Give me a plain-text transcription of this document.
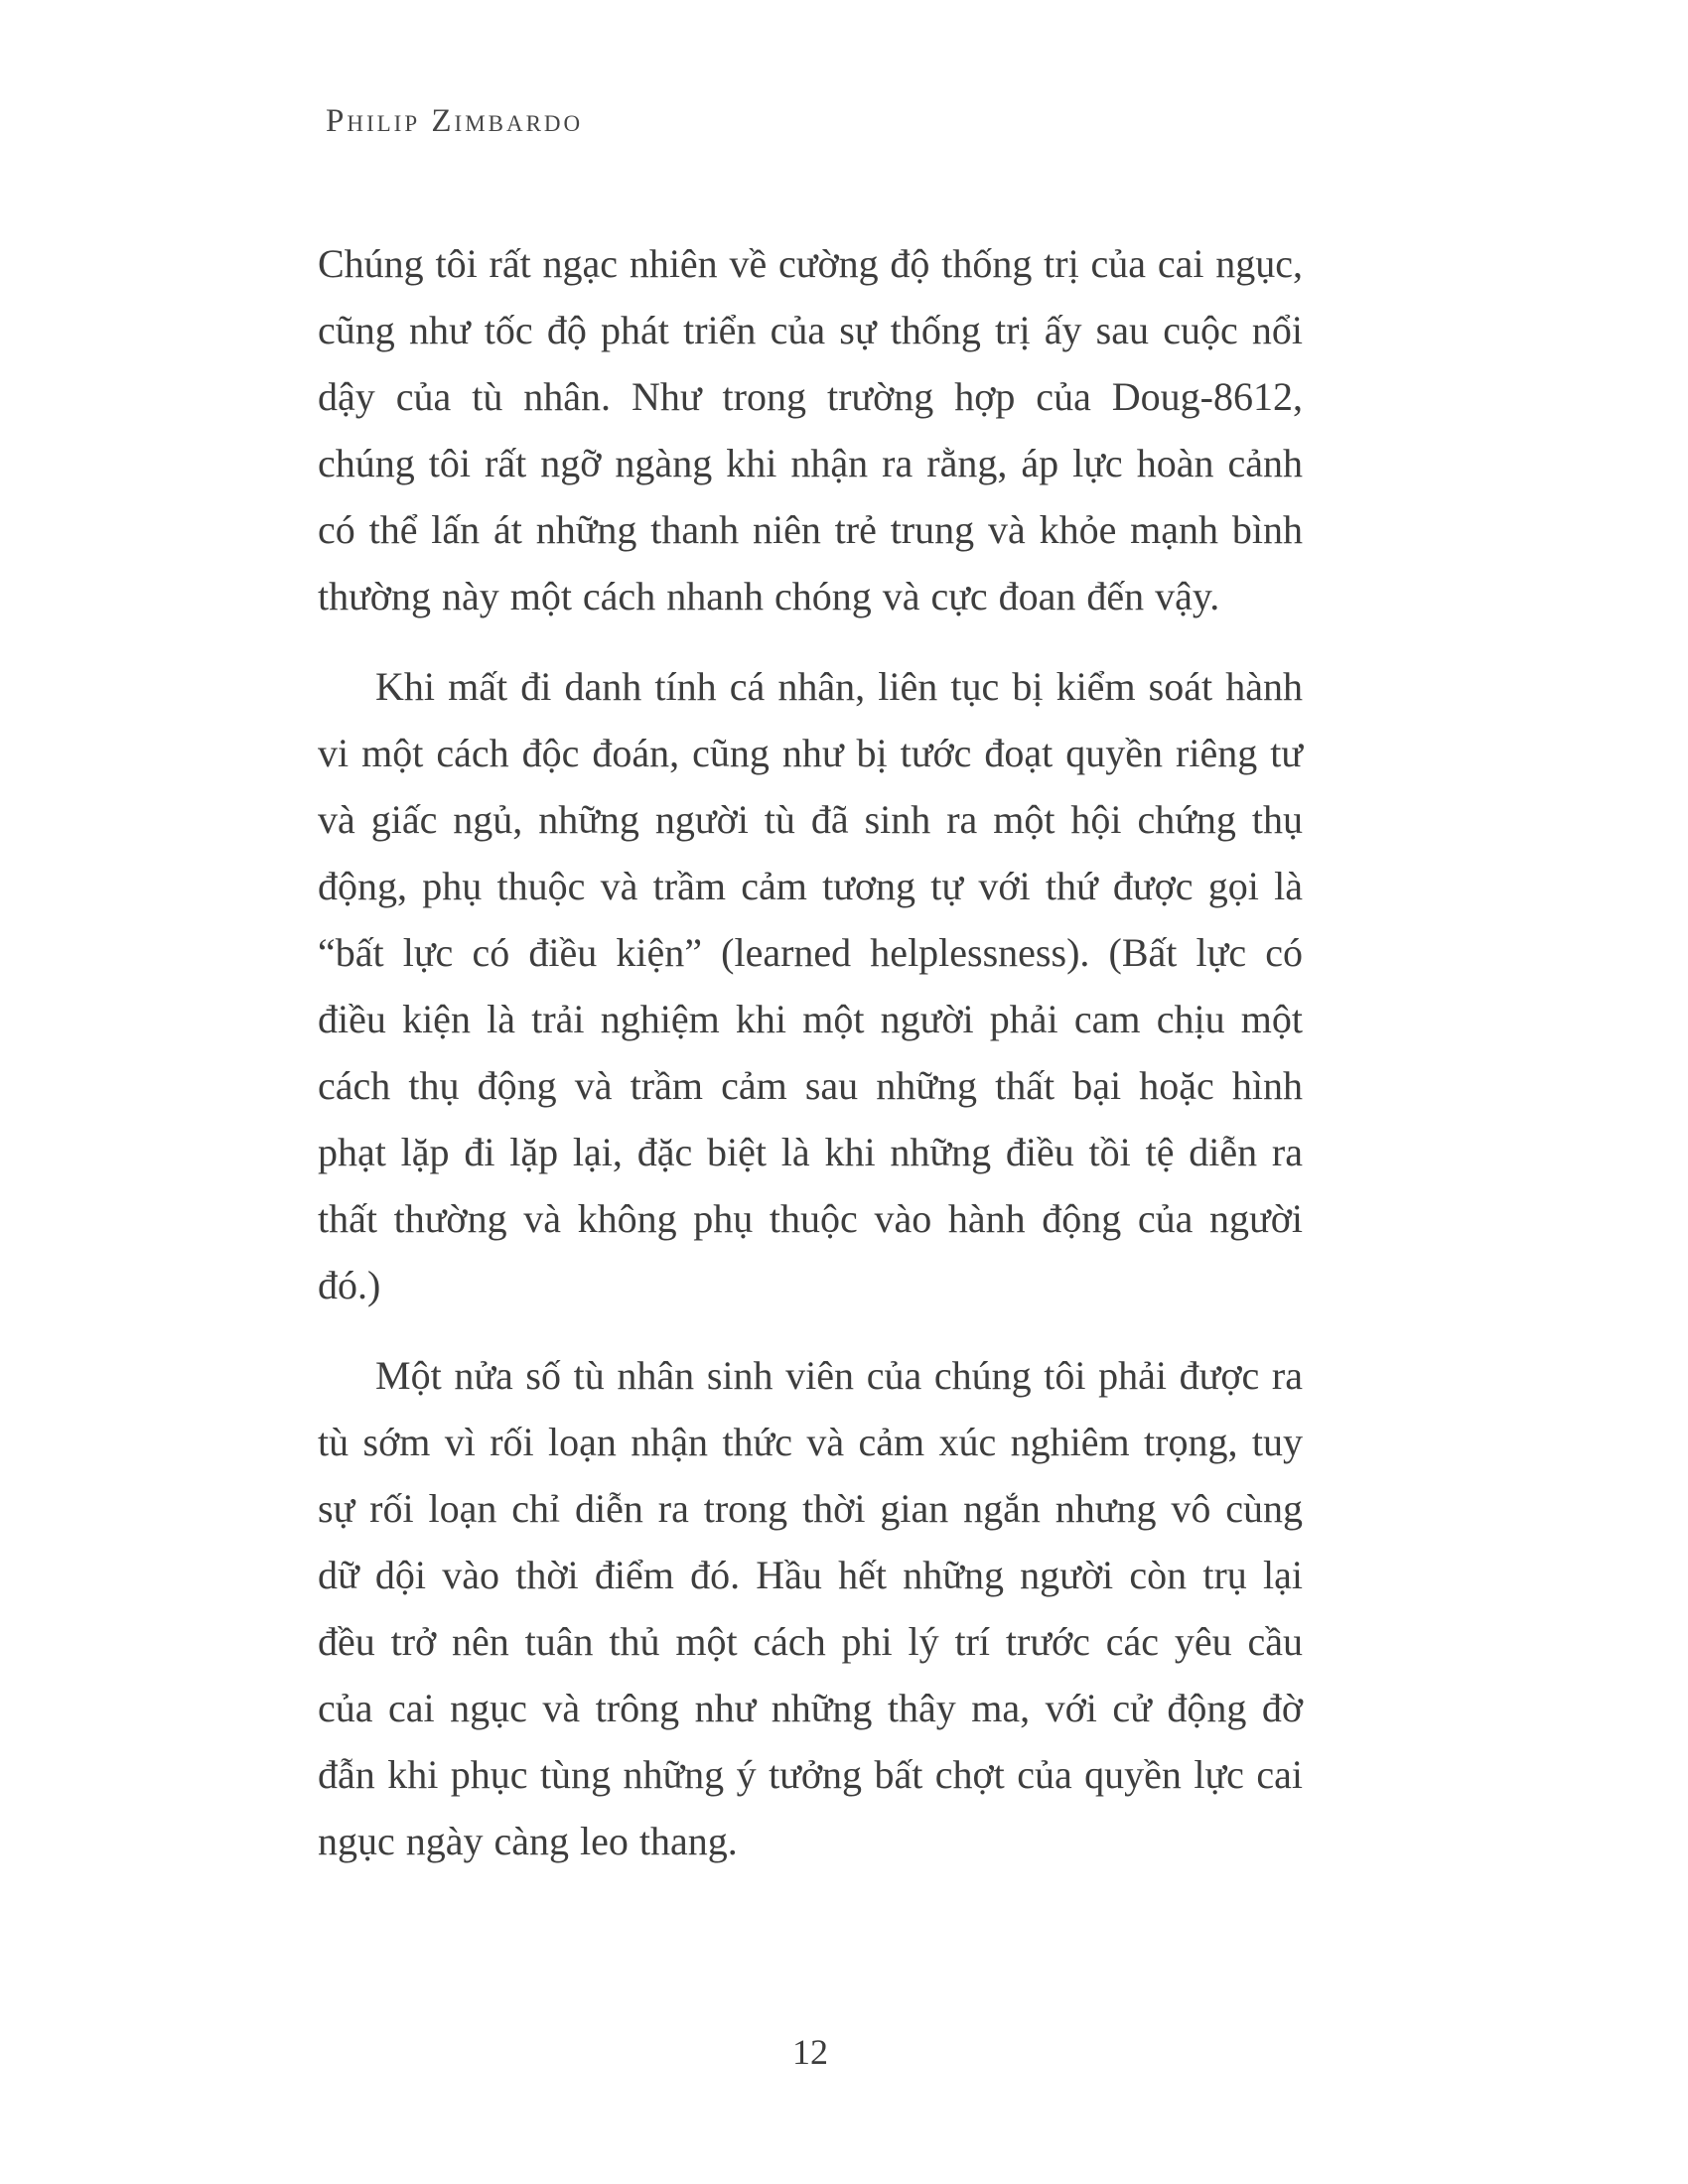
Philip Zimbardo

Chúng tôi rất ngạc nhiên về cường độ thống trị của cai ngục, cũng như tốc độ phát triển của sự thống trị ấy sau cuộc nổi dậy của tù nhân. Như trong trường hợp của Doug-8612, chúng tôi rất ngỡ ngàng khi nhận ra rằng, áp lực hoàn cảnh có thể lấn át những thanh niên trẻ trung và khỏe mạnh bình thường này một cách nhanh chóng và cực đoan đến vậy.

Khi mất đi danh tính cá nhân, liên tục bị kiểm soát hành vi một cách độc đoán, cũng như bị tước đoạt quyền riêng tư và giấc ngủ, những người tù đã sinh ra một hội chứng thụ động, phụ thuộc và trầm cảm tương tự với thứ được gọi là “bất lực có điều kiện” (learned helplessness). (Bất lực có điều kiện là trải nghiệm khi một người phải cam chịu một cách thụ động và trầm cảm sau những thất bại hoặc hình phạt lặp đi lặp lại, đặc biệt là khi những điều tồi tệ diễn ra thất thường và không phụ thuộc vào hành động của người đó.)

Một nửa số tù nhân sinh viên của chúng tôi phải được ra tù sớm vì rối loạn nhận thức và cảm xúc nghiêm trọng, tuy sự rối loạn chỉ diễn ra trong thời gian ngắn nhưng vô cùng dữ dội vào thời điểm đó. Hầu hết những người còn trụ lại đều trở nên tuân thủ một cách phi lý trí trước các yêu cầu của cai ngục và trông như những thây ma, với cử động đờ đẫn khi phục tùng những ý tưởng bất chợt của quyền lực cai ngục ngày càng leo thang.

12
